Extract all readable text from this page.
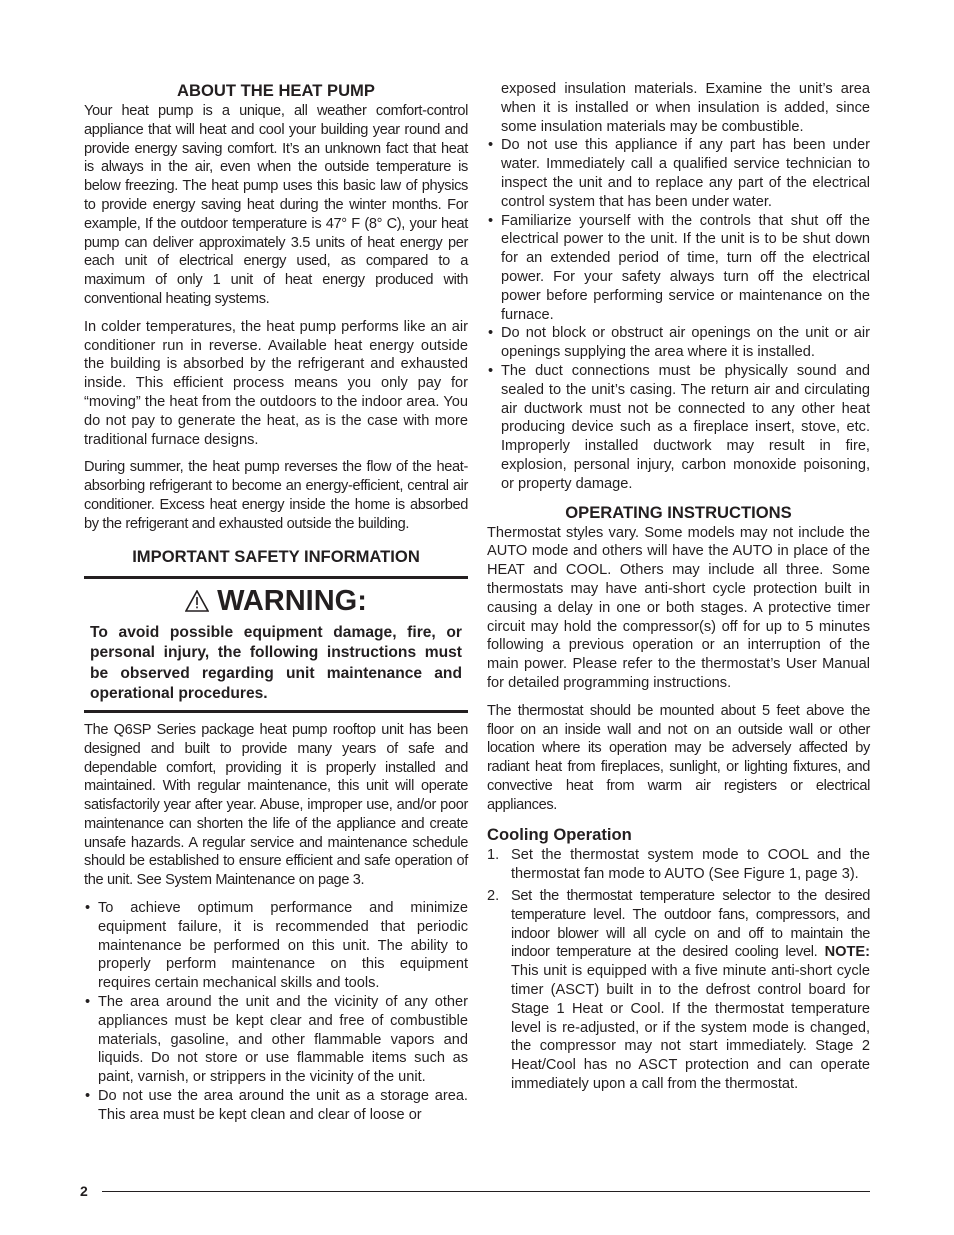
ABOUT THE HEAT PUMP

Your heat pump is a unique, all weather comfort-control appliance that will heat and cool your building year round and provide energy saving comfort. It’s an unknown fact that heat is always in the air, even when the outside temperature is below freezing. The heat pump uses this basic law of physics to provide energy saving heat during the winter months. For example, If the outdoor temperature is 47° F (8° C), your heat pump can deliver approximately 3.5 units of heat energy per each unit of electrical energy used, as compared to a maximum of only 1 unit of heat energy produced with conventional heating systems.

In colder temperatures, the heat pump performs like an air conditioner run in reverse. Available heat energy outside the building is absorbed by the refrigerant and exhausted inside. This efficient process means you only pay for “moving” the heat from the outdoors to the indoor area. You do not pay to generate the heat, as is the case with more traditional furnace designs.

During summer, the heat pump reverses the flow of the heat-absorbing refrigerant to become an energy-efficient, central air conditioner. Excess heat energy inside the home is absorbed by the refrigerant and exhausted outside the building.

IMPORTANT SAFETY INFORMATION
WARNING:
To avoid possible equipment damage, fire, or personal injury, the following instructions must be observed regarding unit maintenance and operational procedures.

The Q6SP Series package heat pump rooftop unit has been designed and built to provide many years of safe and dependable comfort, providing it is properly installed and maintained. With regular maintenance, this unit will operate satisfactorily year after year. Abuse, improper use, and/or poor maintenance can shorten the life of the appliance and create unsafe hazards. A regular service and maintenance schedule should be established to ensure efficient and safe operation of the unit. See System Maintenance on page 3.

• To achieve optimum performance and minimize equipment failure, it is recommended that periodic maintenance be performed on this unit. The ability to properly perform maintenance on this equipment requires certain mechanical skills and tools.
• The area around the unit and the vicinity of any other appliances must be kept clear and free of combustible materials, gasoline, and other flammable vapors and liquids. Do not store or use flammable items such as paint, varnish, or strippers in the vicinity of the unit.
• Do not use the area around the unit as a storage area. This area must be kept clean and clear of loose or
exposed insulation materials. Examine the unit’s area when it is installed or when insulation is added, since some insulation materials may be combustible.
• Do not use this appliance if any part has been under water. Immediately call a qualified service technician to inspect the unit and to replace any part of the electrical control system that has been under water.
• Familiarize yourself with the controls that shut off the electrical power to the unit. If the unit is to be shut down for an extended period of time, turn off the electrical power. For your safety always turn off the electrical power before performing service or maintenance on the furnace.
• Do not block or obstruct air openings on the unit or air openings supplying the area where it is installed.
• The duct connections must be physically sound and sealed to the unit’s casing. The return air and circulating air ductwork must not be connected to any other heat producing device such as a fireplace insert, stove, etc. Improperly installed ductwork may result in fire, explosion, personal injury, carbon monoxide poisoning, or property damage.
OPERATING INSTRUCTIONS

Thermostat styles vary. Some models may not include the AUTO mode and others will have the AUTO in place of the HEAT and COOL. Others may include all three. Some thermostats may have anti-short cycle protection built in causing a delay in one or both stages. A protective timer circuit may hold the compressor(s) off for up to 5 minutes following a previous operation or an interruption of the main power. Please refer to the thermostat’s User Manual for detailed programming instructions.

The thermostat should be mounted about 5 feet above the floor on an inside wall and not on an outside wall or other location where its operation may be adversely affected by radiant heat from fireplaces, sunlight, or lighting fixtures, and convective heat from warm air registers or electrical appliances.

Cooling Operation
1. Set the thermostat system mode to COOL and the thermostat fan mode to AUTO (See Figure 1, page 3).
2. Set the thermostat temperature selector to the desired temperature level. The outdoor fans, compressors, and indoor blower will all cycle on and off to maintain the indoor temperature at the desired cooling level. NOTE: This unit is equipped with a five minute anti-short cycle timer (ASCT) built in to the defrost control board for Stage 1 Heat or Cool. If the thermostat temperature level is re-adjusted, or if the system mode is changed, the compressor may not start immediately. Stage 2 Heat/Cool has no ASCT protection and can operate immediately upon a call from the thermostat.
2
